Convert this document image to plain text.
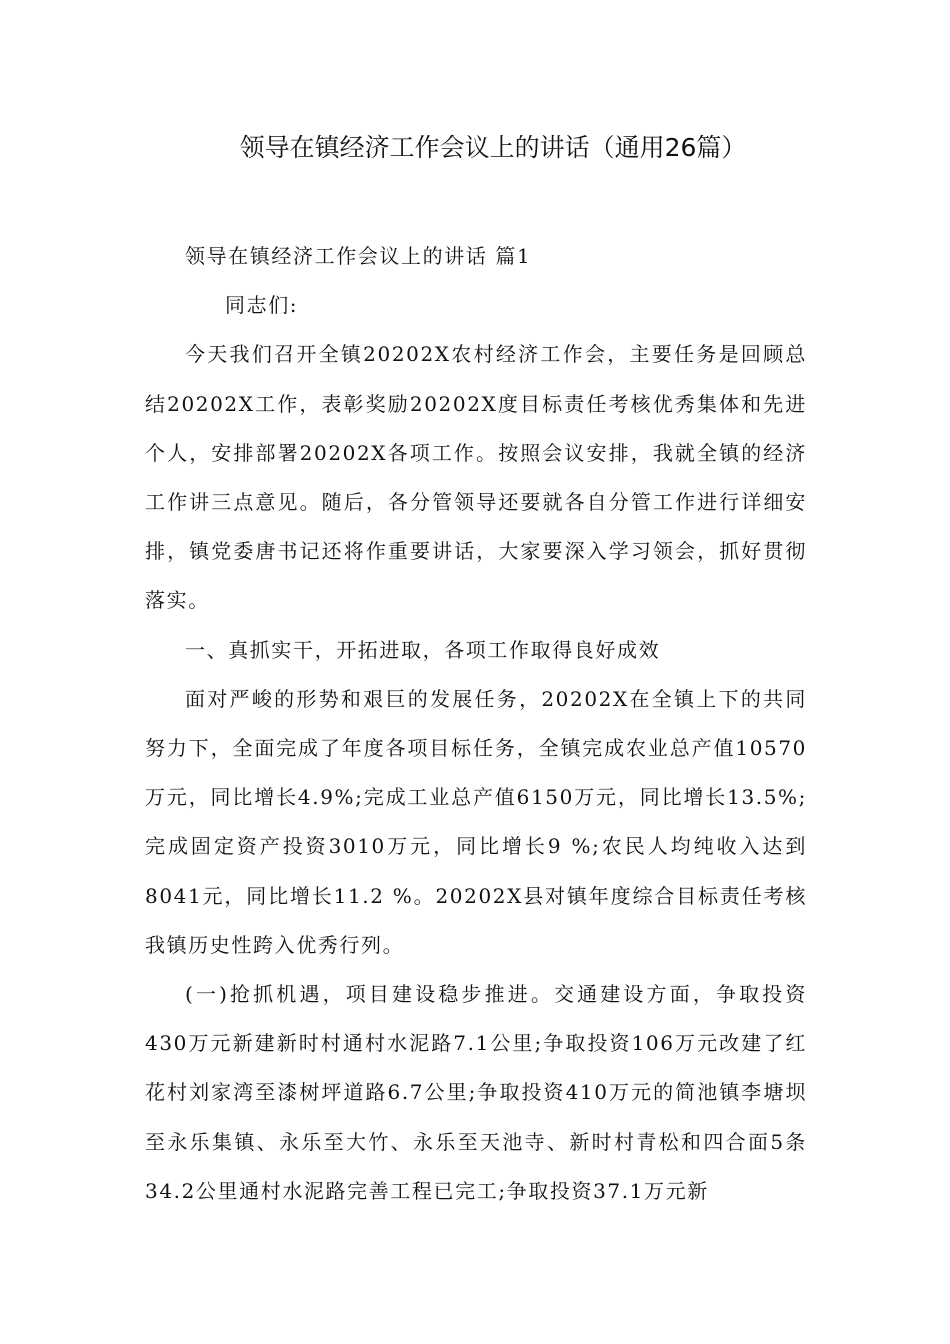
领导在镇经济工作会议上的讲话（通用26篇）

领导在镇经济工作会议上的讲话 篇1

同志们:

今天我们召开全镇20202X农村经济工作会，主要任务是回顾总结20202X工作，表彰奖励20202X度目标责任考核优秀集体和先进个人，安排部署20202X各项工作。按照会议安排，我就全镇的经济工作讲三点意见。随后，各分管领导还要就各自分管工作进行详细安排，镇党委唐书记还将作重要讲话，大家要深入学习领会，抓好贯彻落实。

一、真抓实干，开拓进取，各项工作取得良好成效

面对严峻的形势和艰巨的发展任务，20202X在全镇上下的共同努力下，全面完成了年度各项目标任务，全镇完成农业总产值10570万元，同比增长4.9%;完成工业总产值6150万元，同比增长13.5%;完成固定资产投资3010万元，同比增长9 %;农民人均纯收入达到8041元，同比增长11.2 %。20202X县对镇年度综合目标责任考核我镇历史性跨入优秀行列。

(一)抢抓机遇，项目建设稳步推进。交通建设方面，争取投资430万元新建新时村通村水泥路7.1公里;争取投资106万元改建了红花村刘家湾至漆树坪道路6.7公里;争取投资410万元的简池镇李塘坝至永乐集镇、永乐至大竹、永乐至天池寺、新时村青松和四合面5条34.2公里通村水泥路完善工程已完工;争取投资37.1万元新
